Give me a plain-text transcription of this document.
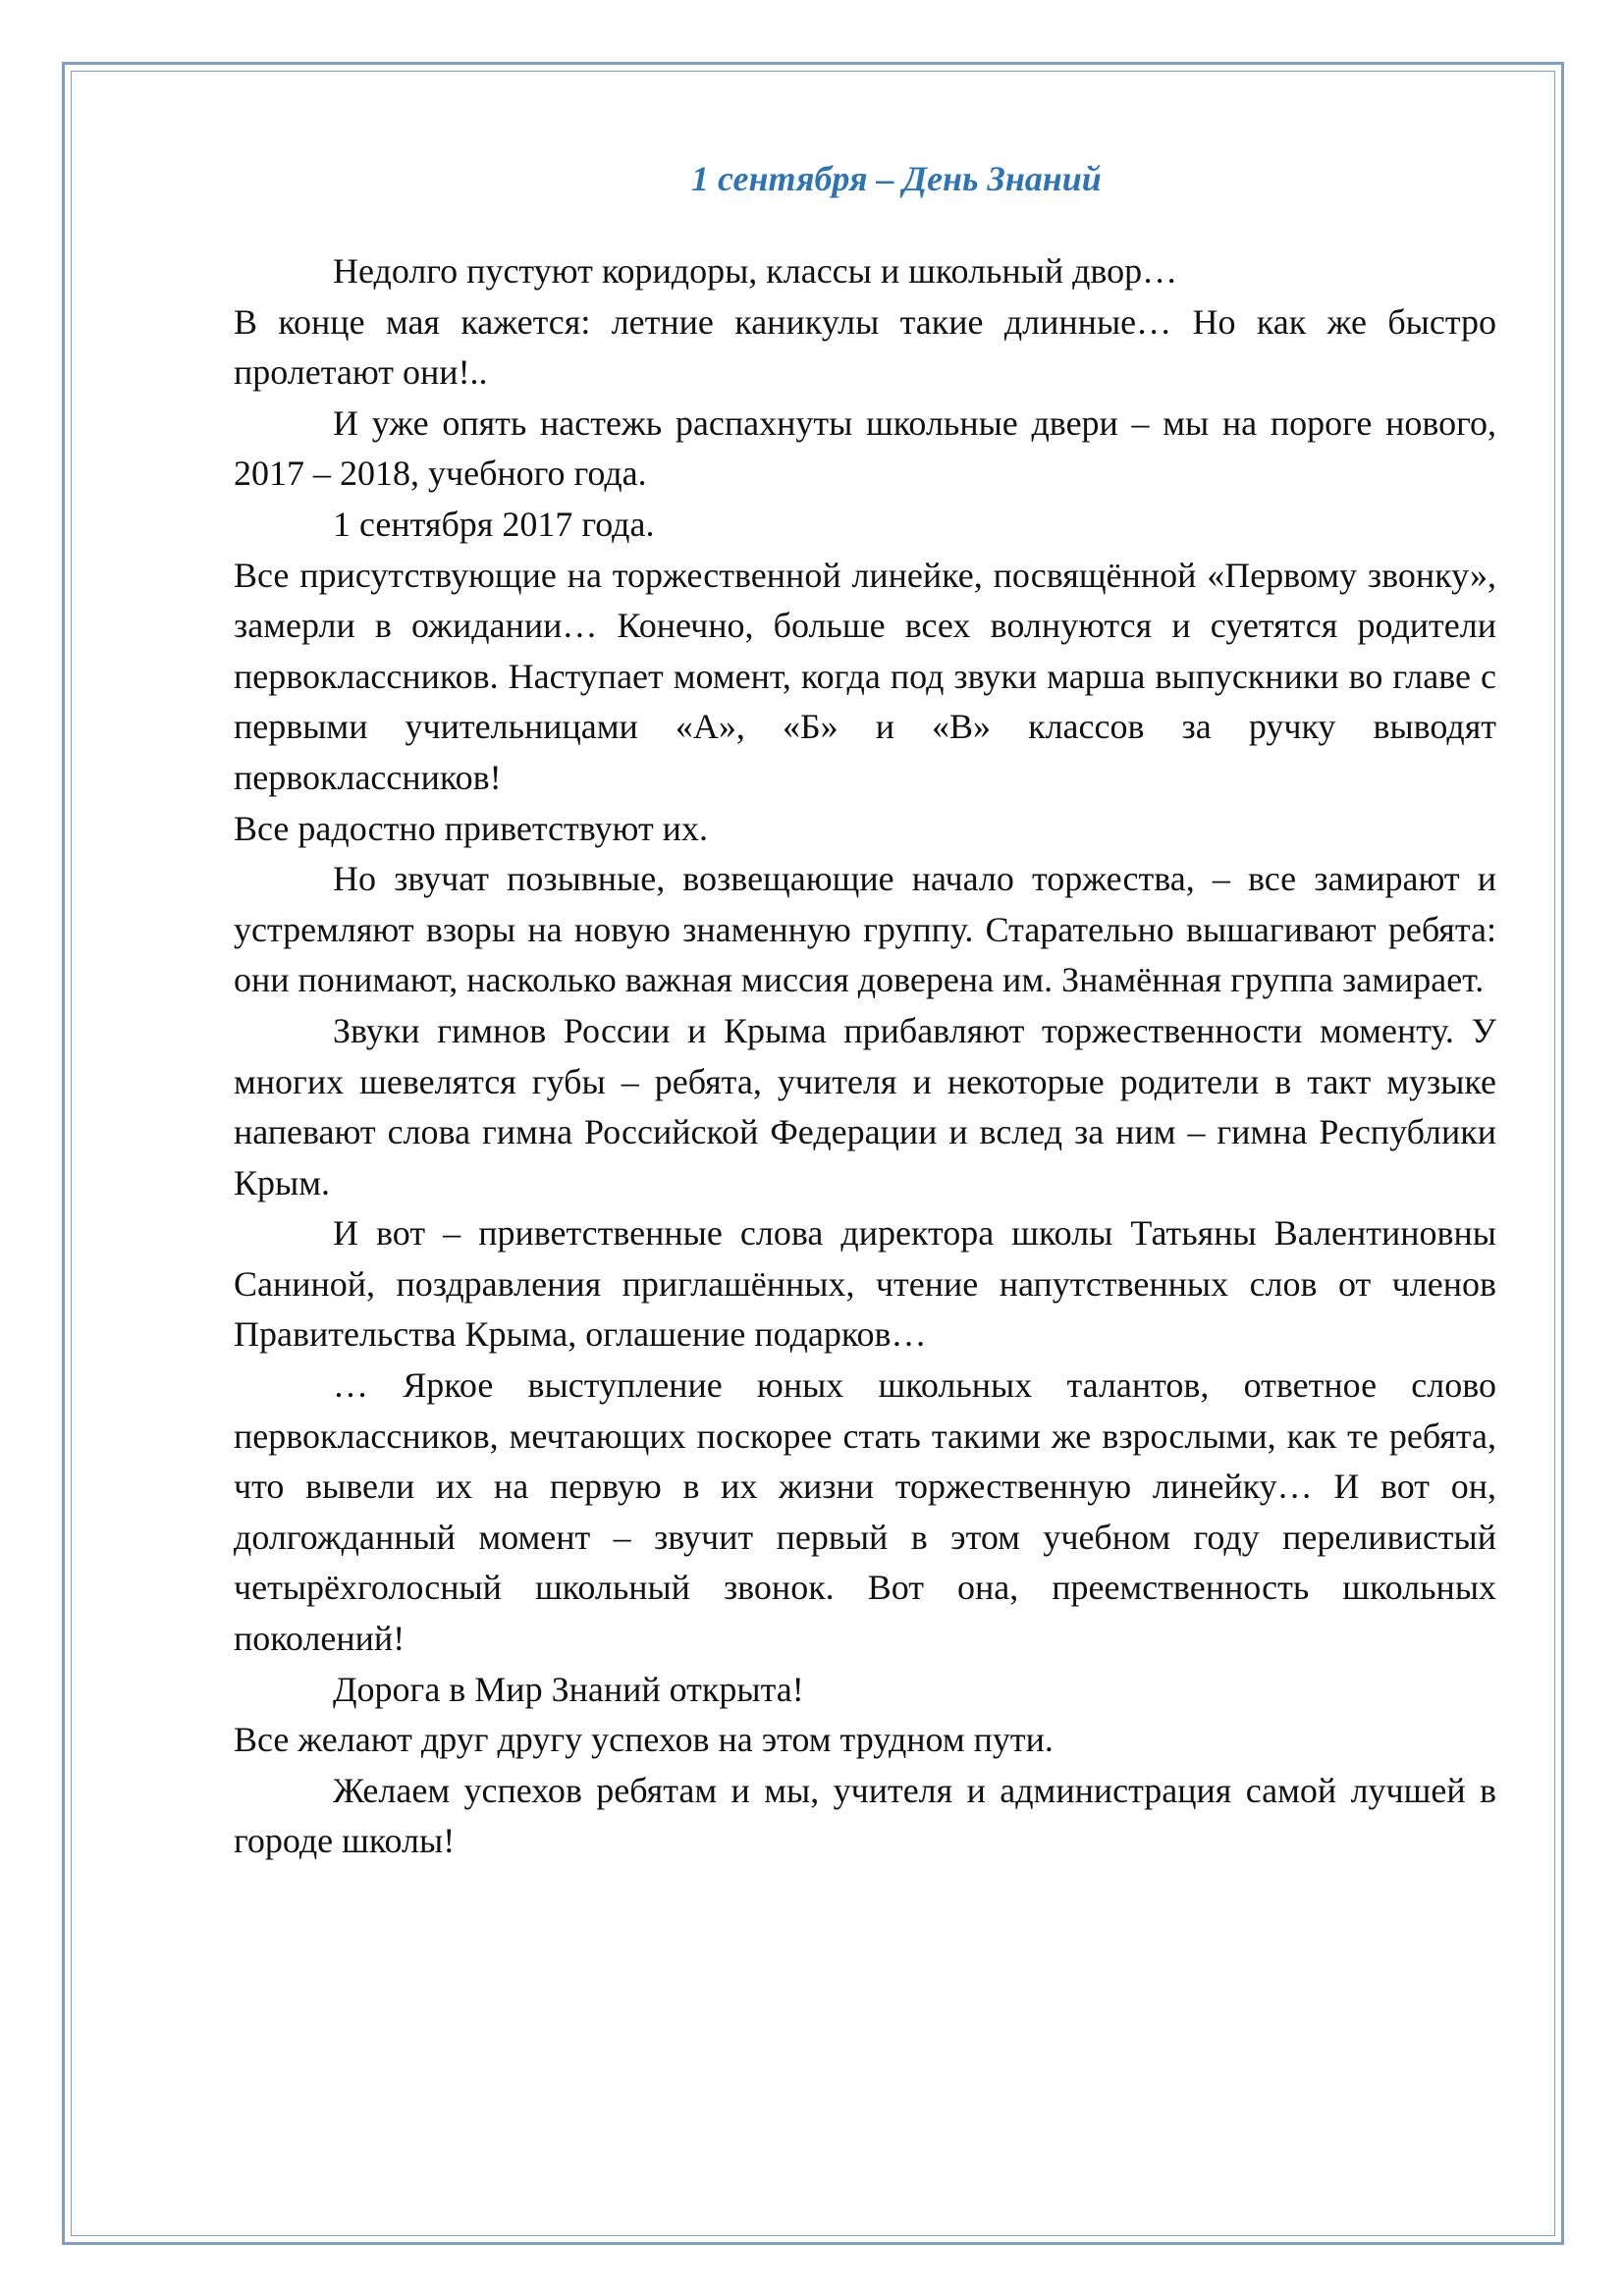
1 сентября – День Знаний

Недолго пустуют коридоры, классы и школьный двор…

В конце мая кажется: летние каникулы такие длинные… Но как же быстро пролетают они!..

И уже опять настежь распахнуты школьные двери – мы на пороге нового, 2017 – 2018, учебного года.

1 сентября 2017 года.

Все присутствующие на торжественной линейке, посвящённой «Первому звонку», замерли в ожидании… Конечно, больше всех волнуются и суетятся родители первоклассников. Наступает момент, когда под звуки марша выпускники во главе с первыми учительницами «А», «Б» и «В» классов за ручку выводят первоклассников!

Все радостно приветствуют их.

Но звучат позывные, возвещающие начало торжества, – все замирают и устремляют взоры на новую знаменную группу. Старательно вышагивают ребята: они понимают, насколько важная миссия доверена им. Знамённая группа замирает.

Звуки гимнов России и Крыма прибавляют торжественности моменту. У многих шевелятся губы – ребята, учителя и некоторые родители в такт музыке напевают слова гимна Российской Федерации и вслед за ним – гимна Республики Крым.

И вот – приветственные слова директора школы Татьяны Валентиновны Саниной, поздравления приглашённых, чтение напутственных слов от членов Правительства Крыма, оглашение подарков…

… Яркое выступление юных школьных талантов, ответное слово первоклассников, мечтающих поскорее стать такими же взрослыми, как те ребята, что вывели их на первую в их жизни торжественную линейку… И вот он, долгожданный момент – звучит первый в этом учебном году переливистый четырёхголосный школьный звонок. Вот она, преемственность школьных поколений!

Дорога в Мир Знаний открыта!

Все желают друг другу успехов на этом трудном пути.

Желаем успехов ребятам и мы, учителя и администрация самой лучшей в городе школы!
